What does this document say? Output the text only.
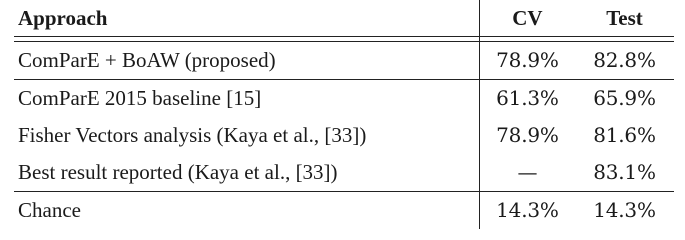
Approach	CV	Test

ComParE + BoAW (proposed)	78.9%	82.8%
ComParE 2015 baseline [15]	61.3%	65.9%
Fisher Vectors analysis (Kaya et al., [33])	78.9%	81.6%
Best result reported (Kaya et al., [33])	—	83.1%
Chance	14.3%	14.3%
